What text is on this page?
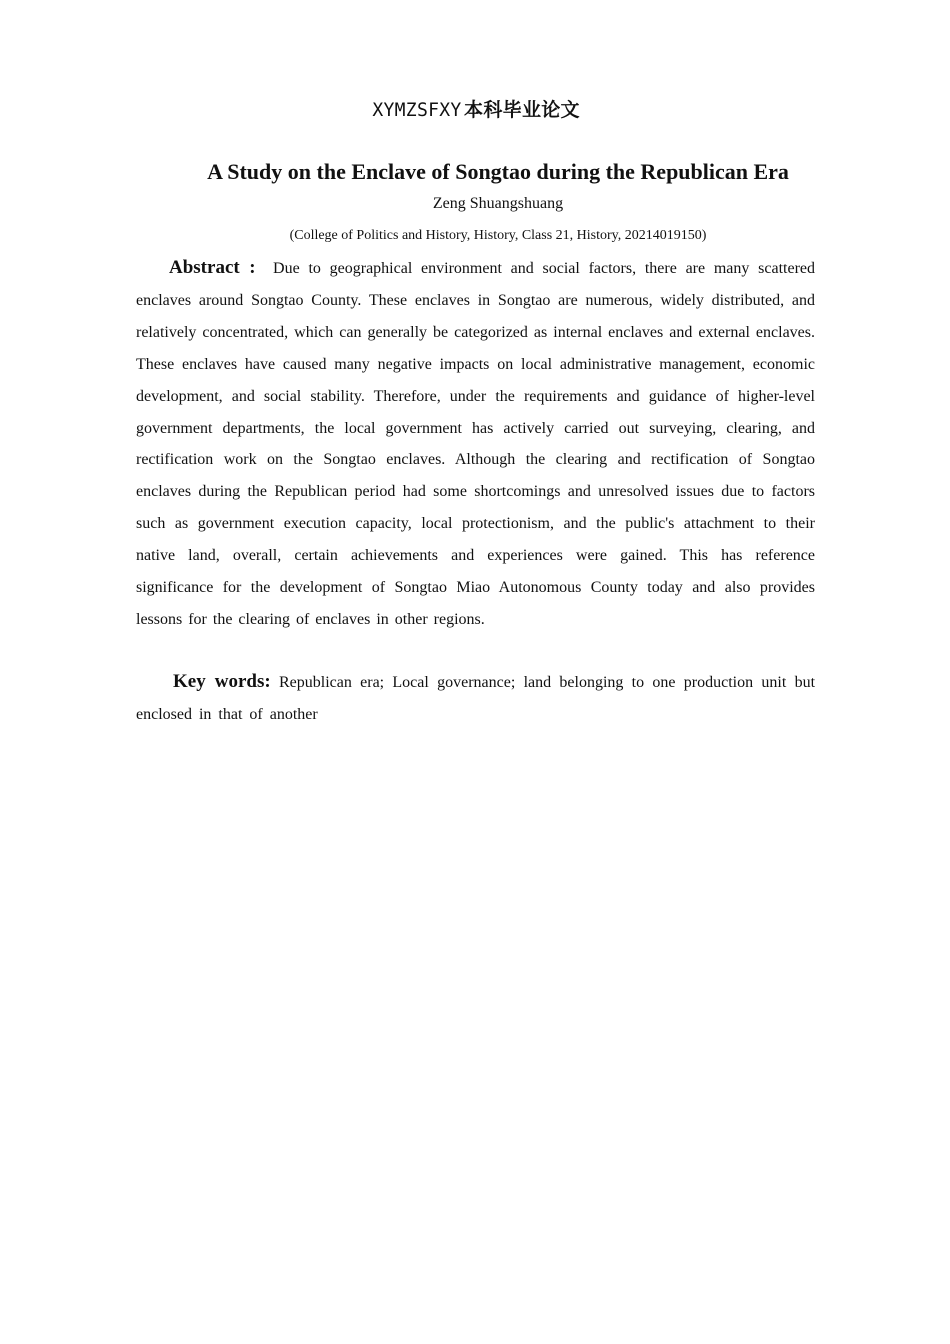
XYMZSFXY 本科毕业论文
A Study on the Enclave of Songtao during the Republican Era
Zeng Shuangshuang
(College of Politics and History, History, Class 21, History, 20214019150)

Abstract : Due to geographical environment and social factors, there are many scattered enclaves around Songtao County. These enclaves in Songtao are numerous, widely distributed, and relatively concentrated, which can generally be categorized as internal enclaves and external enclaves. These enclaves have caused many negative impacts on local administrative management, economic development, and social stability. Therefore, under the requirements and guidance of higher-level government departments, the local government has actively carried out surveying, clearing, and rectification work on the Songtao enclaves. Although the clearing and rectification of Songtao enclaves during the Republican period had some shortcomings and unresolved issues due to factors such as government execution capacity, local protectionism, and the public's attachment to their native land, overall, certain achievements and experiences were gained. This has reference significance for the development of Songtao Miao Autonomous County today and also provides lessons for the clearing of enclaves in other regions.

Key words: Republican era; Local governance; land belonging to one production unit but enclosed in that of another
